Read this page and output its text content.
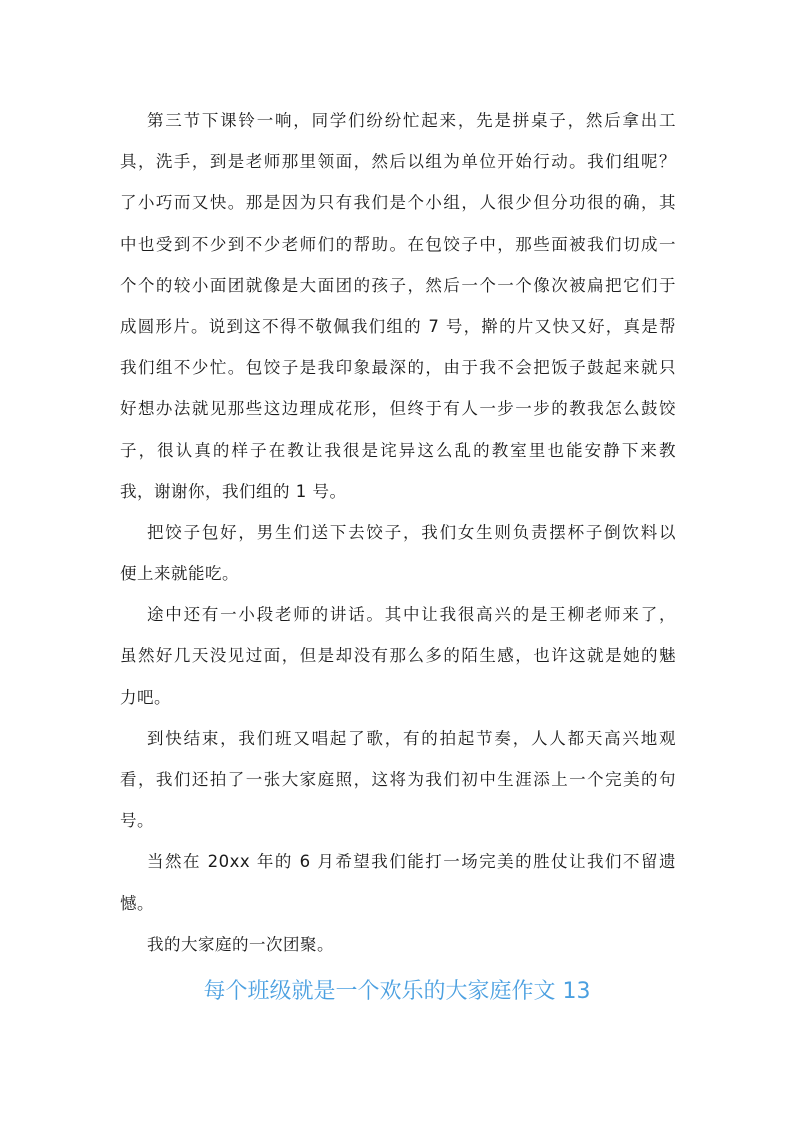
第三节下课铃一响，同学们纷纷忙起来，先是拼桌子，然后拿出工
具，洗手，到是老师那里领面，然后以组为单位开始行动。我们组呢？
了小巧而又快。那是因为只有我们是个小组，人很少但分功很的确，其
中也受到不少到不少老师们的帮助。在包饺子中，那些面被我们切成一
个个的较小面团就像是大面团的孩子，然后一个一个像次被扁把它们于
成圆形片。说到这不得不敬佩我们组的 7 号，擀的片又快又好，真是帮
我们组不少忙。包饺子是我印象最深的，由于我不会把饭子鼓起来就只
好想办法就见那些这边理成花形，但终于有人一步一步的教我怎么鼓饺
子，很认真的样子在教让我很是诧异这么乱的教室里也能安静下来教
我，谢谢你，我们组的 1 号。
把饺子包好，男生们送下去饺子，我们女生则负责摆杯子倒饮料以
便上来就能吃。
途中还有一小段老师的讲话。其中让我很高兴的是王柳老师来了，
虽然好几天没见过面，但是却没有那么多的陌生感，也许这就是她的魅
力吧。
到快结束，我们班又唱起了歌，有的拍起节奏，人人都天高兴地观
看，我们还拍了一张大家庭照，这将为我们初中生涯添上一个完美的句
号。
当然在 20xx 年的 6 月希望我们能打一场完美的胜仗让我们不留遗
憾。
我的大家庭的一次团聚。
每个班级就是一个欢乐的大家庭作文 13
